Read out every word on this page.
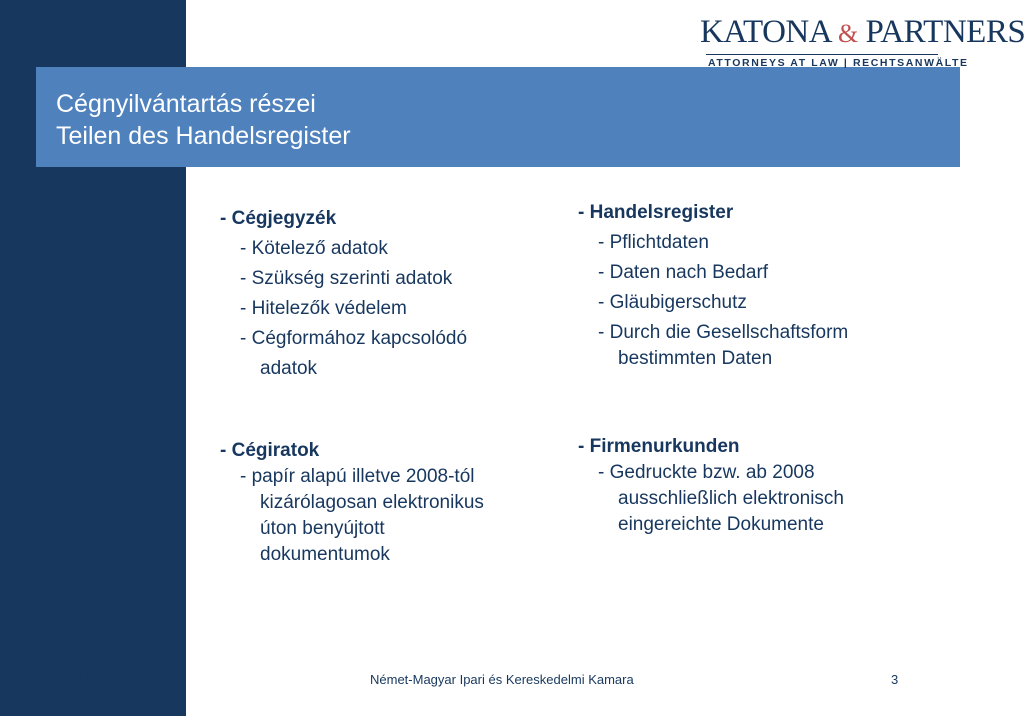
Cégnyilvántartás részei
Teilen des Handelsregister
KATONA & PARTNERS
ATTORNEYS AT LAW | RECHTSANWÄLTE
- Cégjegyzék
- Kötelező adatok
- Szükség szerinti adatok
- Hitelezők védelem
- Cégformához kapcsolódó
adatok
- Handelsregister
- Pflichtdaten
- Daten nach Bedarf
- Gläubigerschutz
- Durch die Gesellschaftsform
bestimmten Daten
- Cégiratok
- papír alapú illetve 2008-tól
kizárólagosan elektronikus
úton benyújtott
dokumentumok
- Firmenurkunden
- Gedruckte bzw. ab 2008
ausschließlich elektronisch
eingereichte Dokumente
2011. 02. 25.	Német-Magyar Ipari és Kereskedelmi Kamara	3
